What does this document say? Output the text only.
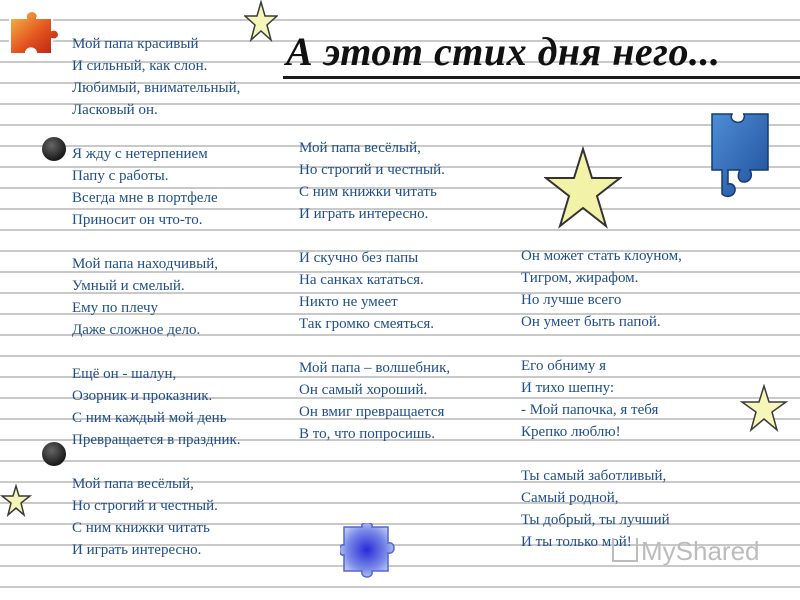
А этот стих дня него...
Мой папа красивый
И сильный, как слон.
Любимый, внимательный,
Ласковый он.
Я жду с нетерпением
Папу с работы.
Всегда мне в портфеле
Приносит он что-то.
Мой папа находчивый,
Умный и смелый.
Ему по плечу
Даже сложное дело.
Ещё он - шалун,
Озорник и проказник.
С ним каждый мой день
Превращается в праздник.
Мой папа весёлый,
Но строгий и честный.
С ним книжки читать
И играть интересно.
Мой папа весёлый,
Но строгий и честный.
С ним книжки читать
И играть интересно.
И скучно без папы
На санках кататься.
Никто не умеет
Так громко смеяться.
Мой папа – волшебник,
Он самый хороший.
Он вмиг превращается
В то, что попросишь.
Он может стать клоуном,
Тигром, жирафом.
Но лучше всего
Он умеет быть папой.
Его обниму я
И тихо шепну:
- Мой папочка, я тебя
Крепко люблю!
Ты самый заботливый,
Самый родной,
Ты добрый, ты лучший
И ты только мой! MyShared
